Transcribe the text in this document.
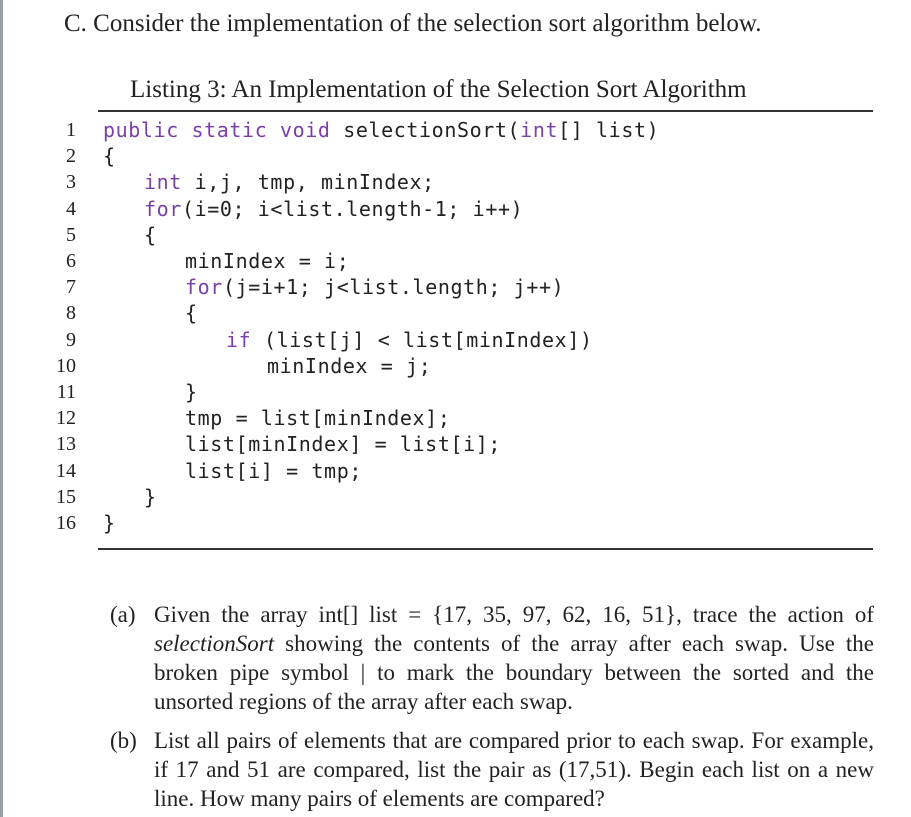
C. Consider the implementation of the selection sort algorithm below.
Listing 3: An Implementation of the Selection Sort Algorithm
1 public static void selectionSort(int[] list)
2 {
3	int i,j, tmp, minIndex;
4	for(i=0; i<list.length-1; i++)
5	{
6	minIndex = i;
7	for(j=i+1; j<list.length; j++)
8	{
9	if (list[j] < list[minIndex])
10	minIndex = j;
11	}
12	tmp = list[minIndex];
13	list[minIndex] = list[i];
14	list[i] = tmp;
15	}
16 }
(a) Given the array int[] list = {17, 35, 97, 62, 16, 51}, trace the action of selectionSort showing the contents of the array after each swap. Use the broken pipe symbol | to mark the boundary between the sorted and the unsorted regions of the array after each swap.
(b) List all pairs of elements that are compared prior to each swap. For example, if 17 and 51 are compared, list the pair as (17,51). Begin each list on a new line. How many pairs of elements are compared?
